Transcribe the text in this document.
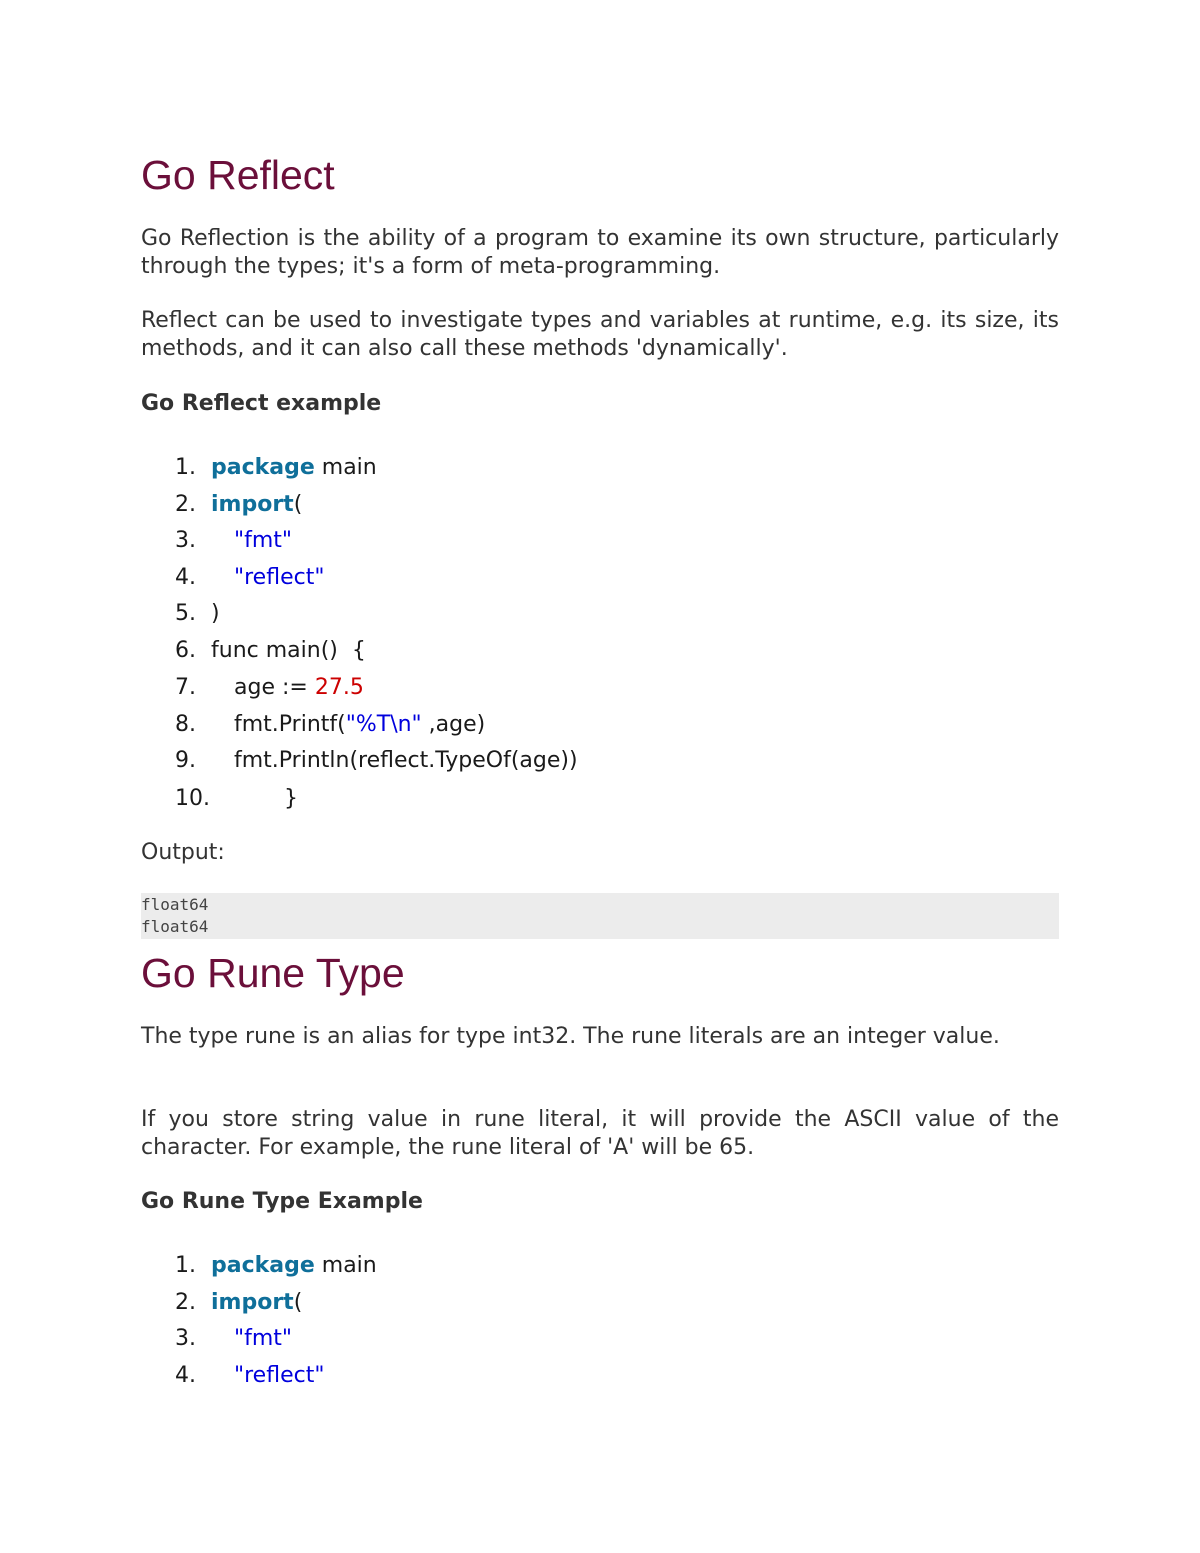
Go Reflect

Go Reflection is the ability of a program to examine its own structure, particularly through the types; it's a form of meta-programming.

Reflect can be used to investigate types and variables at runtime, e.g. its size, its methods, and it can also call these methods 'dynamically'.

Go Reflect example
1. package main
2. import(
3.	"fmt"
4.	"reflect"
5. )
6. func main()  {
7.	age := 27.5
8.	fmt.Printf("%T\n" ,age)
9.	fmt.Println(reflect.TypeOf(age))
10.	}

Output:

float64
float64
Go Rune Type

The type rune is an alias for type int32. The rune literals are an integer value.

If you store string value in rune literal, it will provide the ASCII value of the character. For example, the rune literal of 'A' will be 65.

Go Rune Type Example
1. package main
2. import(
3.	"fmt"
4.	"reflect"
